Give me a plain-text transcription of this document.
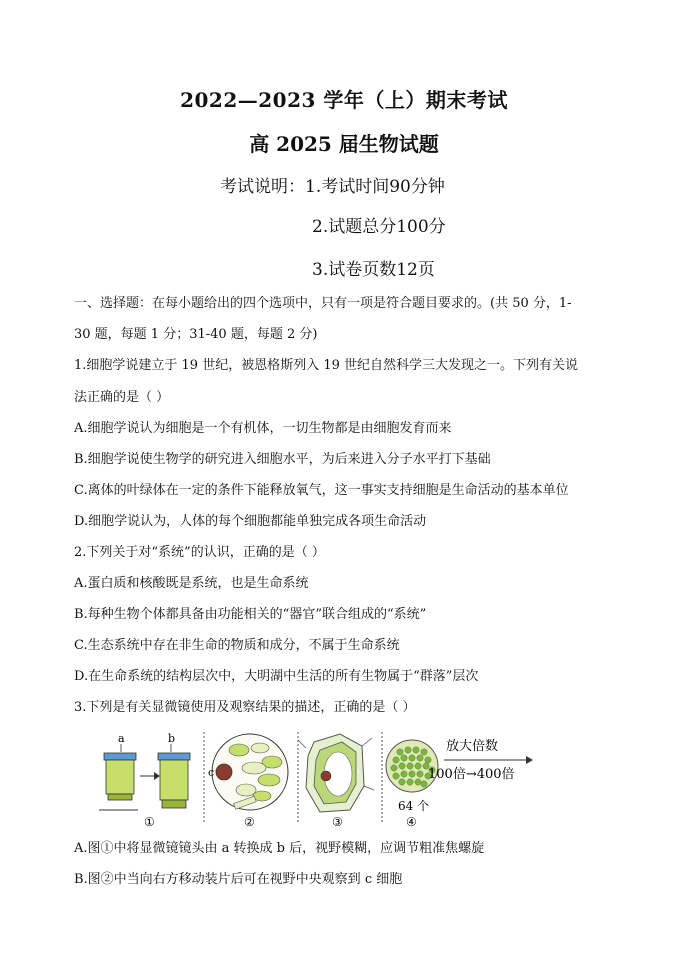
2022—2023 学年（上）期末考试
高 2025 届生物试题
考试说明：1.考试时间90分钟
2.试题总分100分
3.试卷页数12页
一、选择题：在每小题给出的四个选项中，只有一项是符合题目要求的。(共 50 分，1-
30 题，每题 1 分；31-40 题，每题 2 分)
1.细胞学说建立于 19 世纪，被恩格斯列入 19 世纪自然科学三大发现之一。下列有关说
法正确的是（ ）
A.细胞学说认为细胞是一个有机体，一切生物都是由细胞发育而来
B.细胞学说使生物学的研究进入细胞水平，为后来进入分子水平打下基础
C.离体的叶绿体在一定的条件下能释放氧气，这一事实支持细胞是生命活动的基本单位
D.细胞学说认为，人体的每个细胞都能单独完成各项生命活动
2.下列关于对“系统”的认识，正确的是（ ）
A.蛋白质和核酸既是系统，也是生命系统
B.每种生物个体都具备由功能相关的“器官”联合组成的“系统”
C.生态系统中存在非生命的物质和成分，不属于生命系统
D.在生命系统的结构层次中，大明湖中生活的所有生物属于“群落”层次
3.下列是有关显微镜使用及观察结果的描述，正确的是（ ）
a	b
①
c
②	③
64 个
④
放大倍数
100倍→400倍
A.图①中将显微镜镜头由 a 转换成 b 后，视野模糊，应调节粗准焦螺旋
B.图②中当向右方移动装片后可在视野中央观察到 c 细胞
